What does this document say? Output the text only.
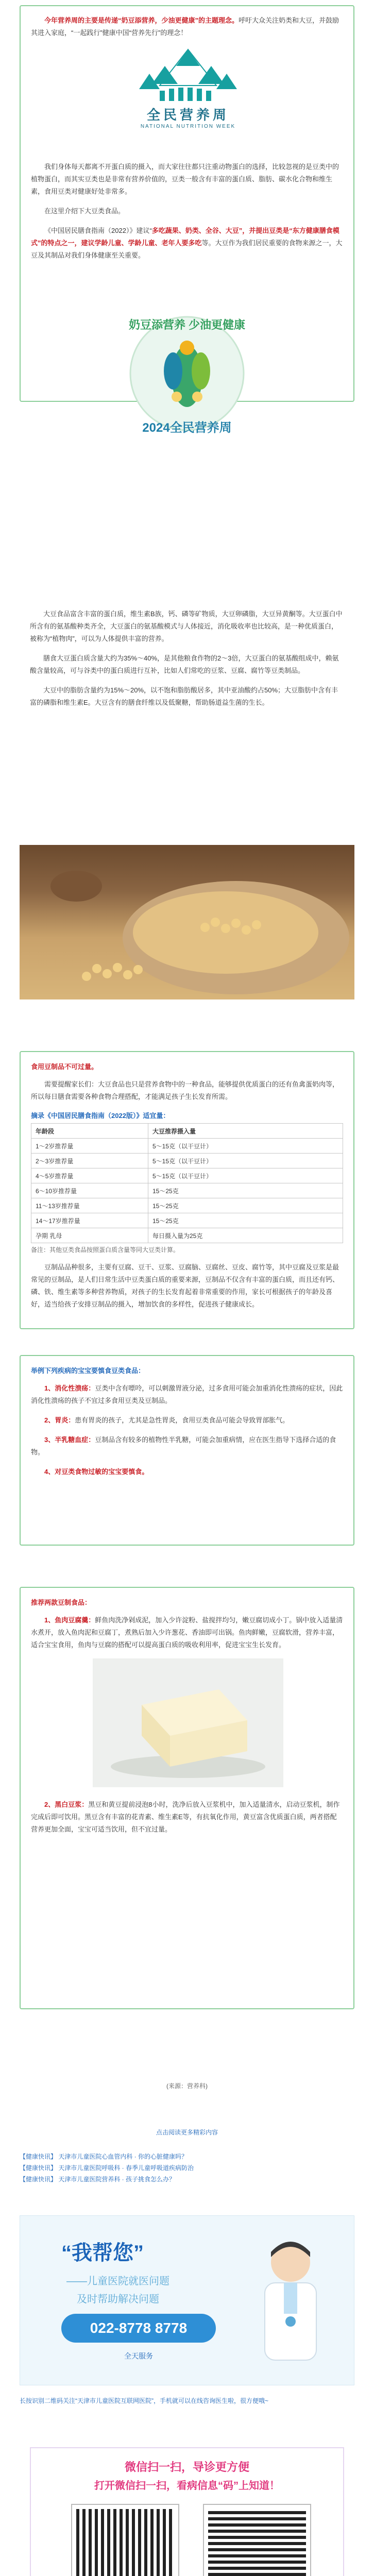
今年营养周的主要是传递“奶豆添营养，少油更健康”的主题理念。呼吁大众关注奶类和大豆，并鼓励其进入家庭，“一起践行”健康中国“营养先行”的理念！

全民营养周
NATIONAL NUTRITION WEEK

我们身体每天都离不开蛋白质的摄入，而大家往往都只注重动物蛋白的选择，比较忽视的是豆类中的植物蛋白，而其实豆类也是非常有营养价值的，豆类一般含有丰富的蛋白质、脂肪、碳水化合物和维生素，食用豆类对健康好处非常多。

在这里介绍下大豆类食品。

《中国居民膳食指南（2022）》建议“多吃蔬果、奶类、全谷、大豆”，并提出豆类是“东方健康膳食模式”的特点之一，建议学龄儿童、学龄儿童、老年人要多吃等。大豆作为我们居民重要的食物来源之一，大豆及其制品对我们身体健康至关重要。

奶豆添营养 少油更健康
2024全民营养周

大豆食品富含丰富的蛋白质，维生素B族，钙、磷等矿物质，大豆卵磷脂，大豆异黄酮等。大豆蛋白中所含有的氨基酸种类齐全，大豆蛋白的氨基酸模式与人体接近，消化吸收率也比较高，是一种优质蛋白，被称为“植物肉”，可以为人体提供丰富的营养。

膳食大豆蛋白质含量大约为35%～40%，是其他粮食作物的2～3倍，大豆蛋白的氨基酸组成中，赖氨酸含量较高，可与谷类中的蛋白质进行互补，比如人们常吃的豆浆、豆腐、腐竹等豆类制品。

大豆中的脂肪含量约为15%～20%，以不饱和脂肪酸居多，其中亚油酸约占50%；大豆脂肪中含有丰富的磷脂和维生素E。大豆含有的膳食纤维以及低聚糖，帮助肠道益生菌的生长。

食用豆制品不可过量。

需要提醒家长们：大豆食品也只是营养食物中的一种食品，能够提供优质蛋白的还有鱼禽蛋奶肉等，所以每日膳食需要各种食物合理搭配，才能满足孩子生长发育所需。

摘录《中国居民膳食指南（2022版）》适宜量：
年龄段	大豆推荐摄入量
1～2岁推荐量	5～15克（以干豆计）
2～3岁推荐量	5～15克（以干豆计）
4～5岁推荐量	5～15克（以干豆计）
6～10岁推荐量	15～25克
11～13岁推荐量	15～25克
14～17岁推荐量	15～25克
孕期 乳母	每日摄入量为25克
备注：其他豆类食品按照蛋白质含量等同大豆类计算。

豆制品品种很多，主要有豆腐、豆干、豆浆、豆腐脑、豆腐丝、豆皮、腐竹等，其中豆腐及豆浆是最常见的豆制品，是人们日常生活中豆类蛋白质的重要来源，豆制品不仅含有丰富的蛋白质，而且还有钙、磷、铁、维生素等多种营养物质，对孩子的生长发育起着非常重要的作用，家长可根据孩子的年龄及喜好，适当给孩子安排豆制品的摄入，增加饮食的多样性，促进孩子健康成长。

举例下列疾病的宝宝要慎食豆类食品：

1、消化性溃疡：豆类中含有嘌呤，可以刺激胃液分泌，过多食用可能会加重消化性溃疡的症状，因此消化性溃疡的孩子不宜过多食用豆类及豆制品。

2、胃炎：患有胃炎的孩子，尤其是急性胃炎，食用豆类食品可能会导致胃部胀气。

3、半乳糖血症：豆制品含有较多的植物性半乳糖，可能会加重病情，应在医生指导下选择合适的食物。

4、对豆类食物过敏的宝宝要慎食。

推荐两款豆制食品：

1、鱼肉豆腐羹：鲜鱼肉洗净剁成泥，加入少许淀粉、盐搅拌均匀，嫩豆腐切成小丁。锅中放入适量清水煮开，放入鱼肉泥和豆腐丁，煮熟后加入少许葱花、香油即可出锅。鱼肉鲜嫩，豆腐软滑，营养丰富，适合宝宝食用，鱼肉与豆腐的搭配可以提高蛋白质的吸收利用率，促进宝宝生长发育。

2、黑白豆浆：黑豆和黄豆提前浸泡8小时，洗净后放入豆浆机中，加入适量清水，启动豆浆机，制作完成后即可饮用。黑豆含有丰富的花青素、维生素E等，有抗氧化作用，黄豆富含优质蛋白质，两者搭配营养更加全面，宝宝可适当饮用，但不宜过量。

(来源：营养科)
点击阅读更多精彩内容
【健康快讯】 天津市儿童医院心血管内科 · 你的心脏健康吗？
【健康快讯】 天津市儿童医院呼吸科 · 春季儿童呼吸道疾病防治
【健康快讯】 天津市儿童医院营养科 · 孩子挑食怎么办？
“我帮您”
——儿童医院就医问题
及时帮助解决问题
022-8778 8778
全天服务
长按识别二维码关注“天津市儿童医院互联网医院”，手机就可以在线咨询医生啦，很方便哦~
微信扫一扫，导诊更方便
打开微信扫一扫，看病信息“码”上知道！
